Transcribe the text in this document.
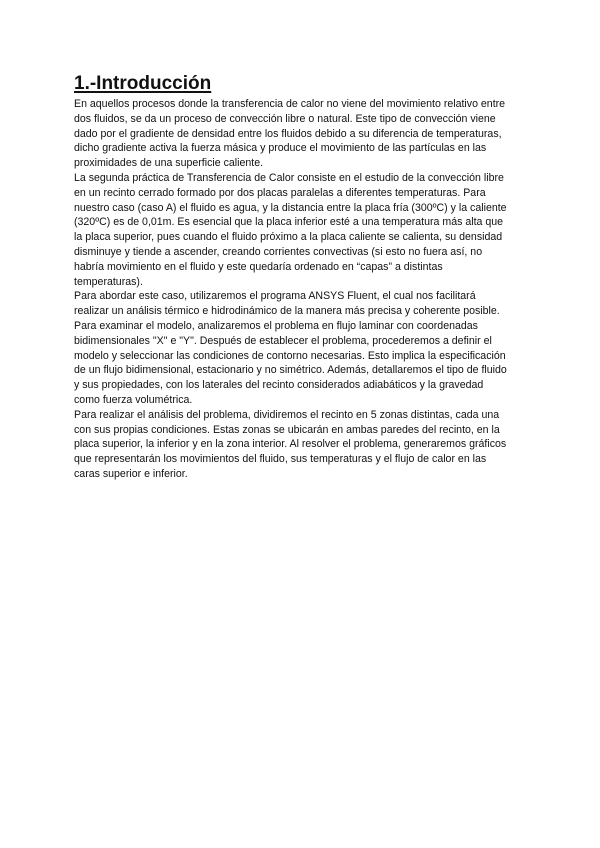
1.-Introducción

En aquellos procesos donde la transferencia de calor no viene del movimiento relativo entre
dos fluidos, se da un proceso de convección libre o natural. Este tipo de convección viene
dado por el gradiente de densidad entre los fluidos debido a su diferencia de temperaturas,
dicho gradiente activa la fuerza másica y produce el movimiento de las partículas en las
proximidades de una superficie caliente.

La segunda práctica de Transferencia de Calor consiste en el estudio de la convección libre
en un recinto cerrado formado por dos placas paralelas a diferentes temperaturas. Para
nuestro caso (caso A) el fluido es agua, y la distancia entre la placa fría (300ºC) y la caliente
(320ºC) es de 0,01m. Es esencial que la placa inferior esté a una temperatura más alta que
la placa superior, pues cuando el fluido próximo a la placa caliente se calienta, su densidad
disminuye y tiende a ascender, creando corrientes convectivas (si esto no fuera así, no
habría movimiento en el fluido y este quedaría ordenado en “capas” a distintas
temperaturas).

Para abordar este caso, utilizaremos el programa ANSYS Fluent, el cual nos facilitará
realizar un análisis térmico e hidrodinámico de la manera más precisa y coherente posible.

Para examinar el modelo, analizaremos el problema en flujo laminar con coordenadas
bidimensionales "X" e "Y". Después de establecer el problema, procederemos a definir el
modelo y seleccionar las condiciones de contorno necesarias. Esto implica la especificación
de un flujo bidimensional, estacionario y no simétrico. Además, detallaremos el tipo de fluido
y sus propiedades, con los laterales del recinto considerados adiabáticos y la gravedad
como fuerza volumétrica.

Para realizar el análisis del problema, dividiremos el recinto en 5 zonas distintas, cada una
con sus propias condiciones. Estas zonas se ubicarán en ambas paredes del recinto, en la
placa superior, la inferior y en la zona interior. Al resolver el problema, generaremos gráficos
que representarán los movimientos del fluido, sus temperaturas y el flujo de calor en las
caras superior e inferior.
